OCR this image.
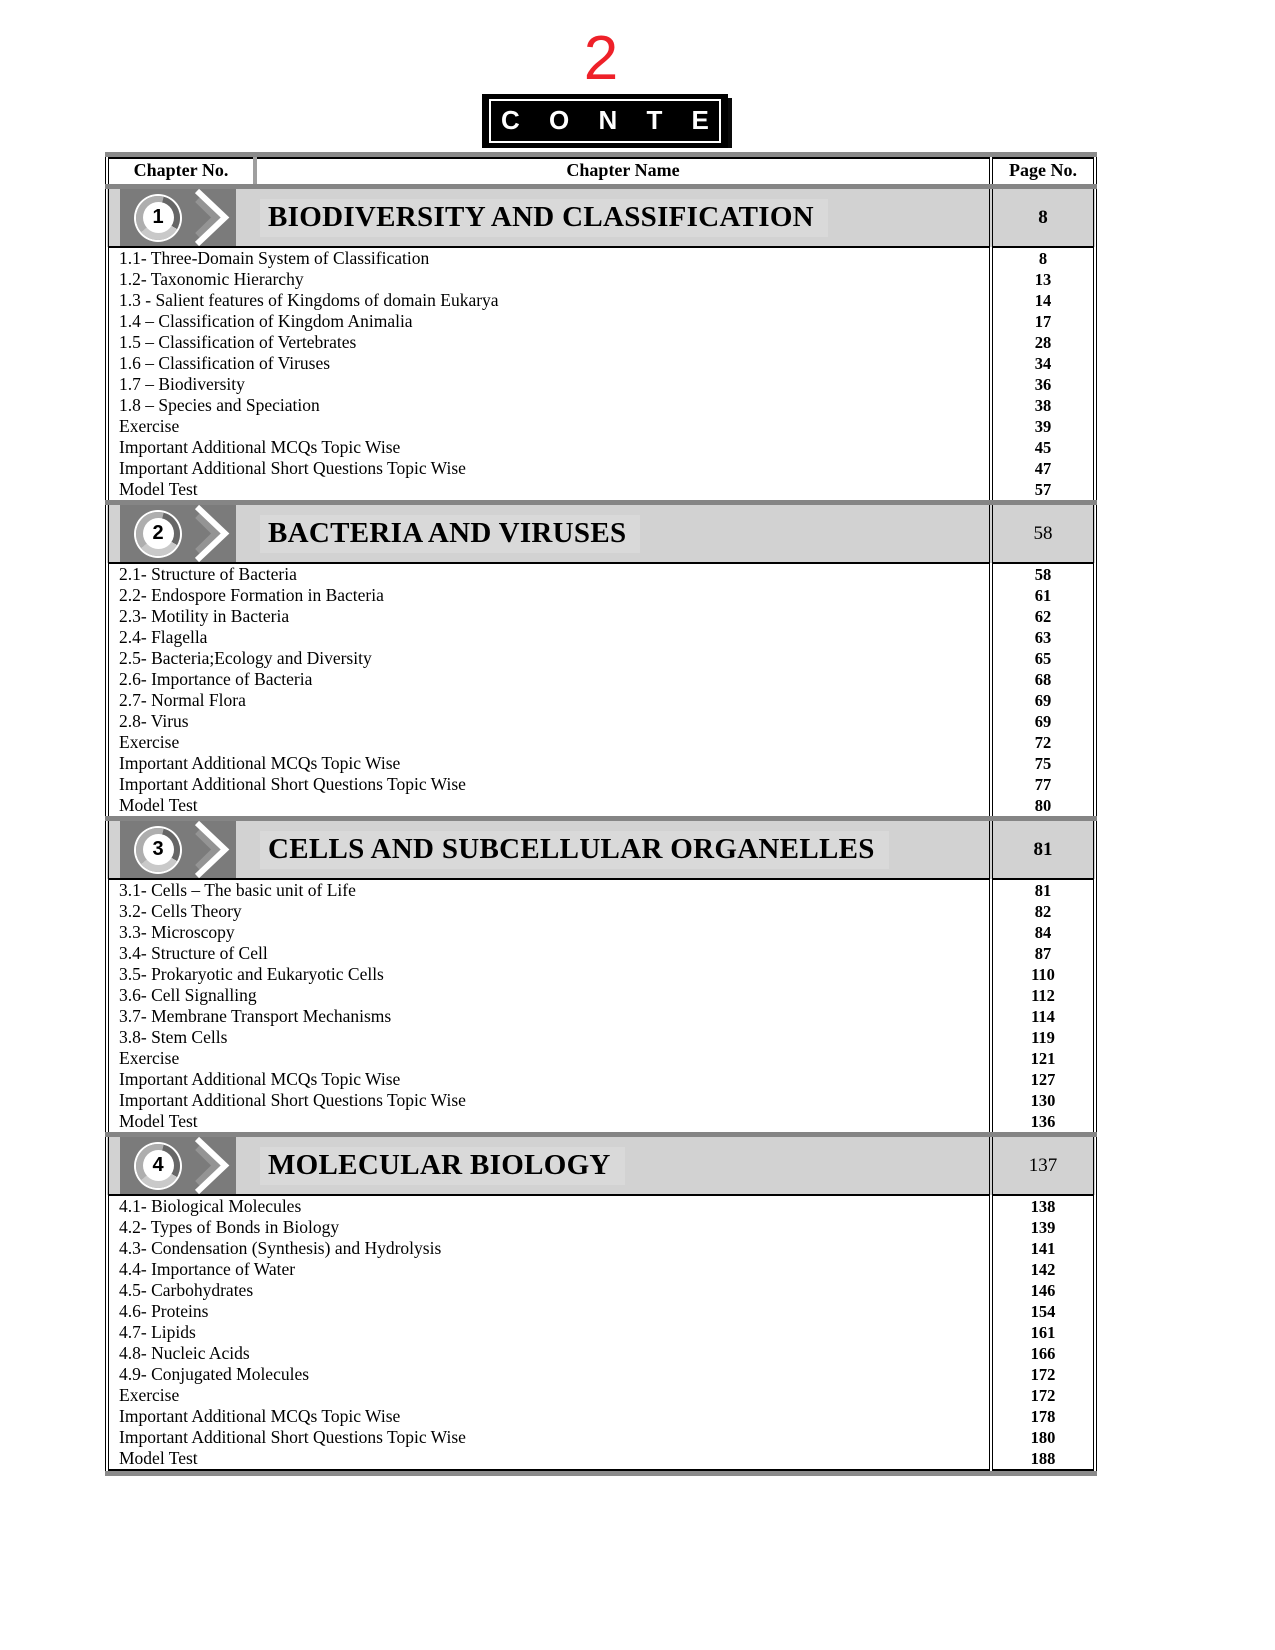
2
C O N T E N T S
Chapter No.	Chapter Name	Page No.

1 BIODIVERSITY AND CLASSIFICATION		8
1.1- Three-Domain System of Classification		8
1.2- Taxonomic Hierarchy		13
1.3 - Salient features of Kingdoms of domain Eukarya		14
1.4 – Classification of Kingdom Animalia		17
1.5 – Classification of Vertebrates		28
1.6 – Classification of Viruses		34
1.7 – Biodiversity		36
1.8 – Species and Speciation		38
Exercise		39
Important Additional MCQs Topic Wise		45
Important Additional Short Questions Topic Wise		47
Model Test		57

2 BACTERIA AND VIRUSES		58
2.1- Structure of Bacteria		58
2.2- Endospore Formation in Bacteria		61
2.3- Motility in Bacteria		62
2.4- Flagella		63
2.5- Bacteria;Ecology and Diversity		65
2.6- Importance of Bacteria		68
2.7- Normal Flora		69
2.8- Virus		69
Exercise		72
Important Additional MCQs Topic Wise		75
Important Additional Short Questions Topic Wise		77
Model Test		80

3 CELLS AND SUBCELLULAR ORGANELLES		81
3.1- Cells – The basic unit of Life		81
3.2- Cells Theory		82
3.3- Microscopy		84
3.4- Structure of Cell		87
3.5- Prokaryotic and Eukaryotic Cells		110
3.6- Cell Signalling		112
3.7- Membrane Transport Mechanisms		114
3.8- Stem Cells		119
Exercise		121
Important Additional MCQs Topic Wise		127
Important Additional Short Questions Topic Wise		130
Model Test		136

4 MOLECULAR BIOLOGY		137
4.1- Biological Molecules		138
4.2- Types of Bonds in Biology		139
4.3- Condensation (Synthesis) and Hydrolysis		141
4.4- Importance of Water		142
4.5- Carbohydrates		146
4.6- Proteins		154
4.7- Lipids		161
4.8- Nucleic Acids		166
4.9- Conjugated Molecules		172
Exercise		172
Important Additional MCQs Topic Wise		178
Important Additional Short Questions Topic Wise		180
Model Test		188
